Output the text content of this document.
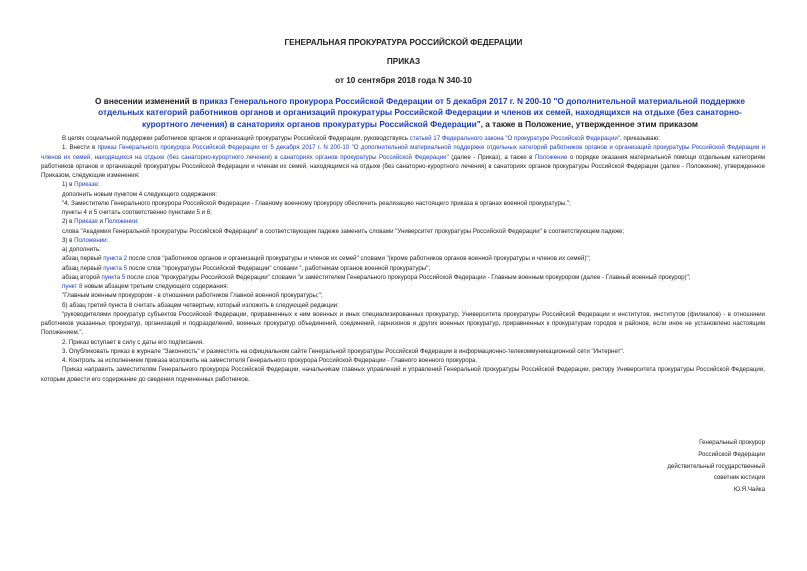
ГЕНЕРАЛЬНАЯ ПРОКУРАТУРА РОССИЙСКОЙ ФЕДЕРАЦИИ
ПРИКАЗ
от 10 сентября 2018 года N 340-10
О внесении изменений в приказ Генерального прокурора Российской Федерации от 5 декабря 2017 г. N 200-10 "О дополнительной материальной поддержке отдельных категорий работников органов и организаций прокуратуры Российской Федерации и членов их семей, находящихся на отдыхе (без санаторно-курортного лечения) в санаториях органов прокуратуры Российской Федерации", а также в Положение, утвержденное этим приказом

В целях социальной поддержки работников органов и организаций прокуратуры Российской Федерации, руководствуясь статьей 17 Федерального закона "О прокуратуре Российской Федерации", приказываю:

1. Внести в приказ Генерального прокурора Российской Федерации от 5 декабря 2017 г. N 200-10 "О дополнительной материальной поддержке отдельных категорий работников органов и организаций прокуратуры Российской Федерации и членов их семей, находящихся на отдыхе (без санаторно-курортного лечения) в санаториях органов прокуратуры Российской Федерации" (далее - Приказ), а также в Положение о порядке оказания материальной помощи отдельным категориям работников органов и организаций прокуратуры Российской Федерации и членам их семей, находящимся на отдыхе (без санаторно-курортного лечения) в санаториях органов прокуратуры Российской Федерации (далее - Положение), утвержденное Приказом, следующие изменения:

1) в Приказе:

дополнить новым пунктом 4 следующего содержания:

"4. Заместителю Генерального прокурора Российской Федерации - Главному военному прокурору обеспечить реализацию настоящего приказа в органах военной прокуратуры.";

пункты 4 и 5 считать соответственно пунктами 5 и 6;

2) в Приказе и Положении:

слова "Академия Генеральной прокуратуры Российской Федерации" в соответствующем падеже заменить словами "Университет прокуратуры Российской Федерации" в соответствующем падеже;

3) в Положении:

а) дополнить:

абзац первый пункта 2 после слов "работников органов и организаций прокуратуры и членов их семей" словами "(кроме работников органов военной прокуратуры и членов их семей)";

абзац первый пункта 5 после слов "прокуратуры Российской Федерации" словами ", работникам органов военной прокуратуры";

абзац второй пункта 5 после слов "прокуратуры Российской Федерации" словами "и заместителем Генерального прокурора Российской Федерации - Главным военным прокурором (далее - Главный военный прокурор)";

пункт 8 новым абзацем третьим следующего содержания:

"Главным военным прокурором - в отношении работников Главной военной прокуратуры;";

б) абзац третий пункта 8 считать абзацем четвертым, который изложить в следующей редакции:

"руководителями прокуратур субъектов Российской Федерации, приравненных к ним военных и иных специализированных прокуратур, Университета прокуратуры Российской Федерации и институтов, институтов (филиалов) - в отношении работников указанных прокуратур, организаций и подразделений, военных прокуратур объединений, соединений, гарнизонов и других военных прокуратур, приравненных к прокуратурам городов и районов, если иное не установлено настоящим Положением.".

2. Приказ вступает в силу с даты его подписания.

3. Опубликовать приказ в журнале "Законность" и разместить на официальном сайте Генеральной прокуратуры Российской Федерации в информационно-телекоммуникационной сети "Интернет".

4. Контроль за исполнением приказа возложить на заместителя Генерального прокурора Российской Федерации - Главного военного прокурора.

Приказ направить заместителям Генерального прокурора Российской Федерации, начальникам главных управлений и управлений Генеральной прокуратуры Российской Федерации, ректору Университета прокуратуры Российской Федерации, которым довести его содержание до сведения подчиненных работников.

Генеральный прокурор
Российской Федерации
действительный государственный
советник юстиции
Ю.Я.Чайка
